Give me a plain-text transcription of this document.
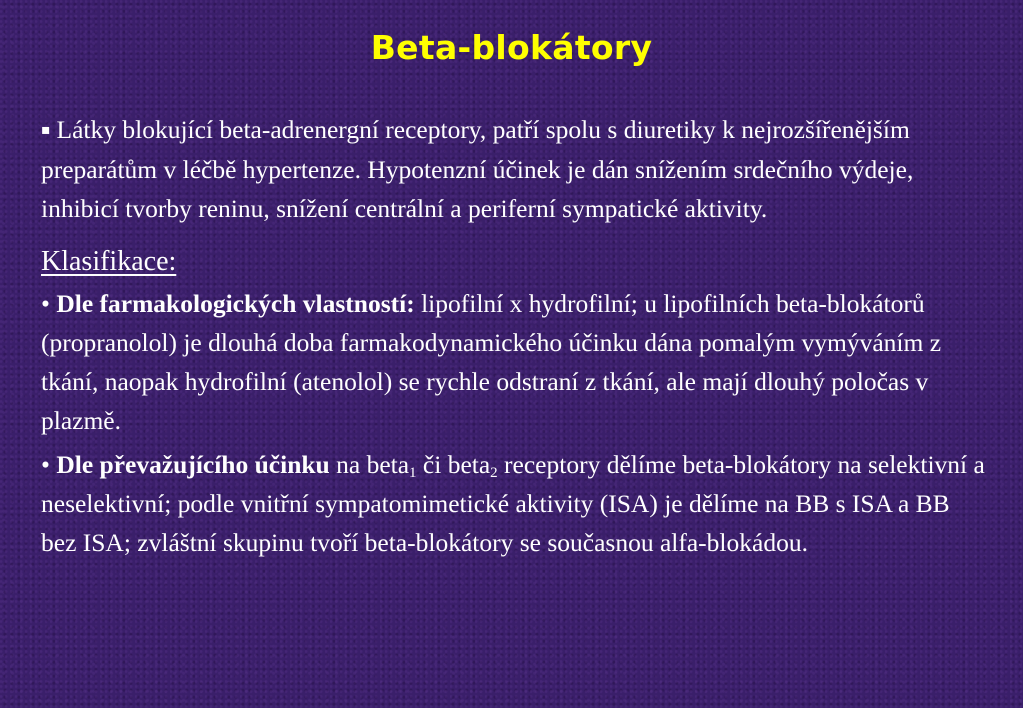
Beta-blokátory

▪ Látky blokující beta-adrenergní receptory, patří spolu s diuretiky k nejrozšířenějším preparátům v léčbě hypertenze. Hypotenzní účinek je dán snížením srdečního výdeje, inhibicí tvorby reninu, snížení centrální a periferní sympatické aktivity.

Klasifikace:

• Dle farmakologických vlastností: lipofilní x hydrofilní; u lipofilních beta-blokátorů (propranolol) je dlouhá doba farmakodynamického účinku dána pomalým vymýváním z tkání, naopak hydrofilní (atenolol) se rychle odstraní z tkání, ale mají dlouhý poločas v plazmě.

• Dle převažujícího účinku na beta$_1$ či beta$_2$ receptory dělíme beta-blokátory na selektivní a neselektivní; podle vnitřní sympatomimetické aktivity (ISA) je dělíme na BB s ISA a BB bez ISA; zvláštní skupinu tvoří beta-blokátory se současnou alfa-blokádou.
